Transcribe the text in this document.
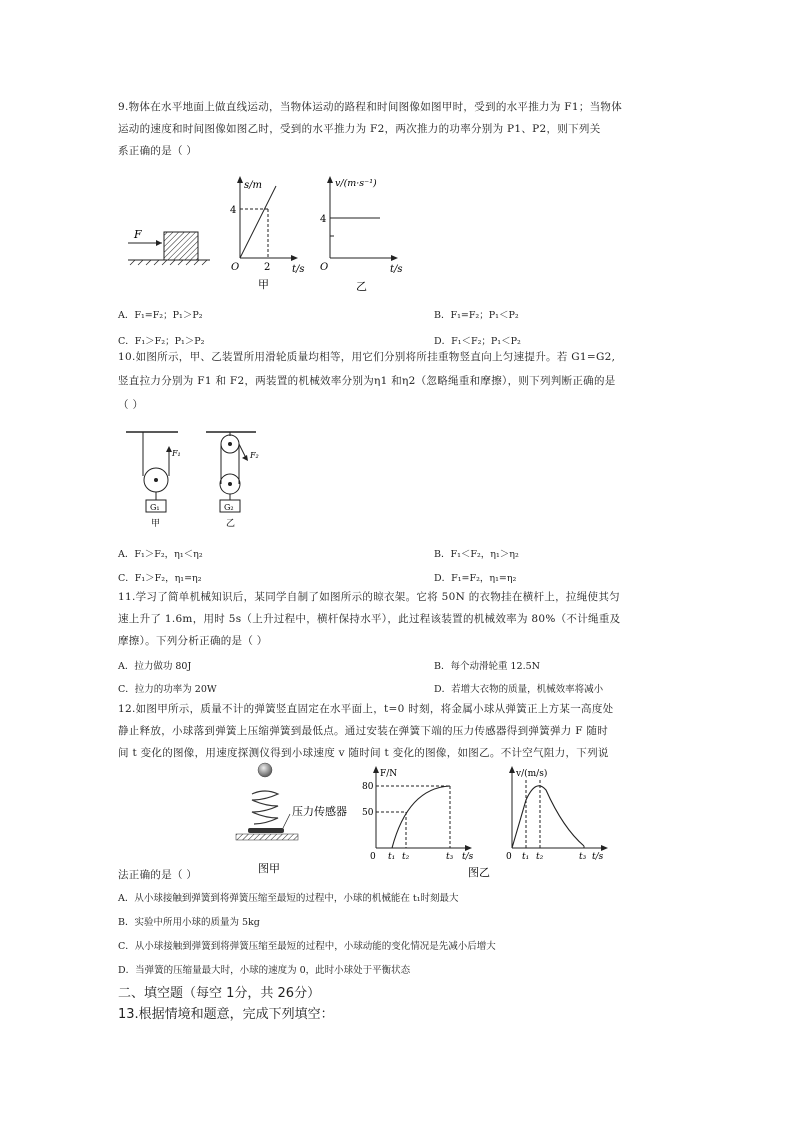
9.物体在水平地面上做直线运动，当物体运动的路程和时间图像如图甲时，受到的水平推力为 F1；当物体
运动的速度和时间图像如图乙时，受到的水平推力为 F2，两次推力的功率分别为 P1、P2，则下列关
系正确的是（ ）
F
s/m
4
O 2 t/s
甲
v/(m·s⁻¹)
4
O	t/s
乙
A．F₁=F₂；P₁＞P₂	B．F₁=F₂；P₁＜P₂
C．F₁＞F₂；P₁＞P₂	D．F₁＜F₂；P₁＜P₂
10.如图所示，甲、乙装置所用滑轮质量均相等，用它们分别将所挂重物竖直向上匀速提升。若 G1=G2,
竖直拉力分别为 F1 和 F2，两装置的机械效率分别为η1 和η2（忽略绳重和摩擦），则下列判断正确的是
（ ）
F₁
G₁
甲
F₂
G₂
乙
A．F₁＞F₂，η₁＜η₂	B．F₁＜F₂，η₁＞η₂
C．F₁＞F₂，η₁=η₂	D．F₁=F₂，η₁=η₂
11.学习了简单机械知识后，某同学自制了如图所示的晾衣架。它将 50N 的衣物挂在横杆上，拉绳使其匀
速上升了 1.6m，用时 5s（上升过程中，横杆保持水平），此过程该装置的机械效率为 80%（不计绳重及
摩擦）。下列分析正确的是（ ）
A．拉力做功 80J	B．每个动滑轮重 12.5N
C．拉力的功率为 20W	D．若增大衣物的质量，机械效率将减小
12.如图甲所示，质量不计的弹簧竖直固定在水平面上，t=0 时刻，将金属小球从弹簧正上方某一高度处
静止释放，小球落到弹簧上压缩弹簧到最低点。通过安装在弹簧下端的压力传感器得到弹簧弹力 F 随时
间 t 变化的图像，用速度探测仪得到小球速度 v 随时间 t 变化的图像，如图乙。不计空气阻力，下列说
压力传感器
图甲
F/N
80
50
0 t₁ t₂	t₃ t/s
v/(m/s)
0 t₁ t₂	t₃ t/s
图乙
法正确的是（ ）
A．从小球接触到弹簧到将弹簧压缩至最短的过程中，小球的机械能在 t₁时刻最大
B．实验中所用小球的质量为 5kg
C．从小球接触到弹簧到将弹簧压缩至最短的过程中，小球动能的变化情况是先减小后增大
D．当弹簧的压缩量最大时，小球的速度为 0，此时小球处于平衡状态
二、填空题（每空 1分，共 26分）
13.根据情境和题意，完成下列填空：
